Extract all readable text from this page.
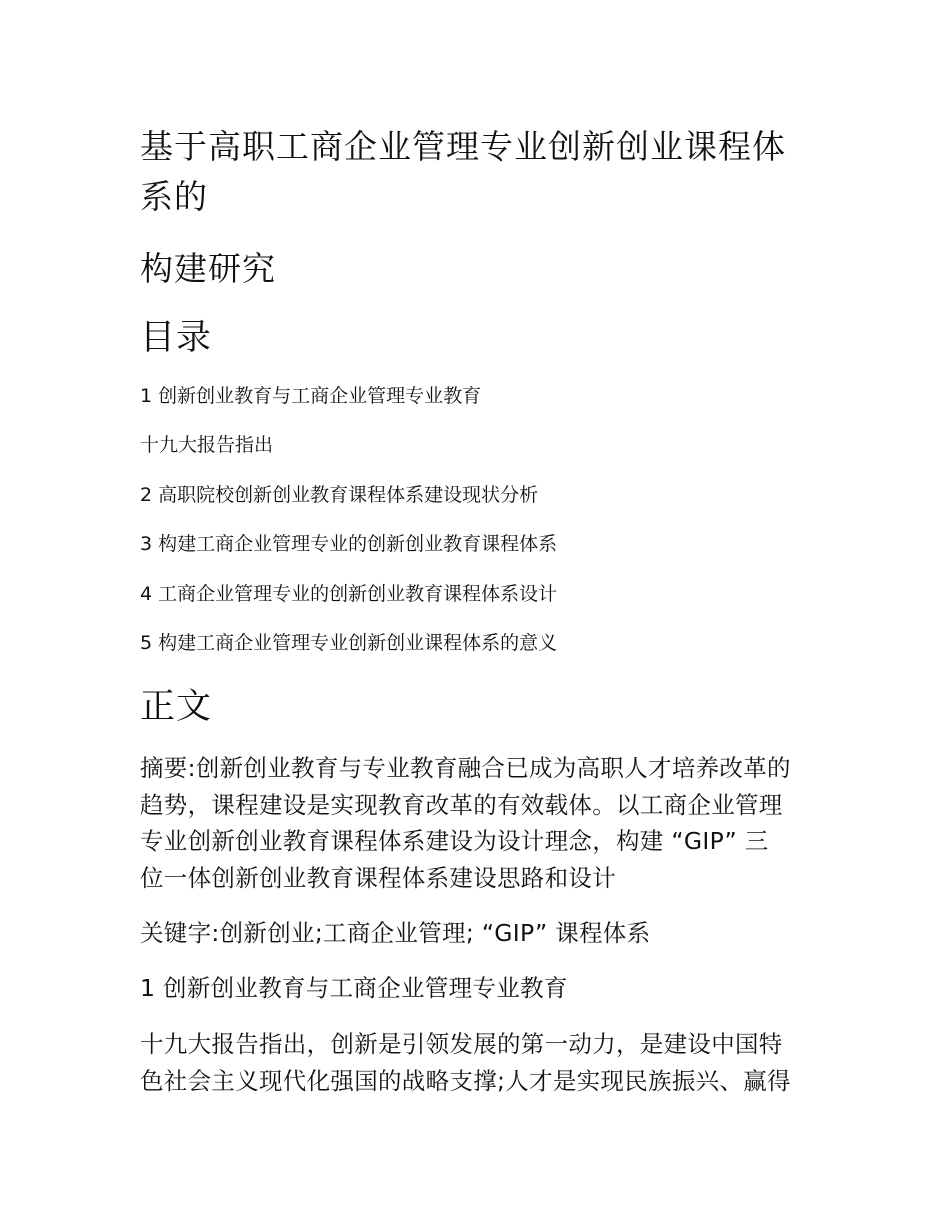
基于高职工商企业管理专业创新创业课程体
系的
构建研究
目录

1 创新创业教育与工商企业管理专业教育

十九大报告指出

2 高职院校创新创业教育课程体系建设现状分析

3 构建工商企业管理专业的创新创业教育课程体系

4 工商企业管理专业的创新创业教育课程体系设计

5 构建工商企业管理专业创新创业课程体系的意义

正文

摘要:创新创业教育与专业教育融合已成为高职人才培养改革的
趋势，课程建设是实现教育改革的有效载体。以工商企业管理
专业创新创业教育课程体系建设为设计理念，构建 “GIP” 三
位一体创新创业教育课程体系建设思路和设计

关键字:创新创业;工商企业管理; “GIP” 课程体系

1 创新创业教育与工商企业管理专业教育

十九大报告指出，创新是引领发展的第一动力，是建设中国特
色社会主义现代化强国的战略支撑;人才是实现民族振兴、赢得
